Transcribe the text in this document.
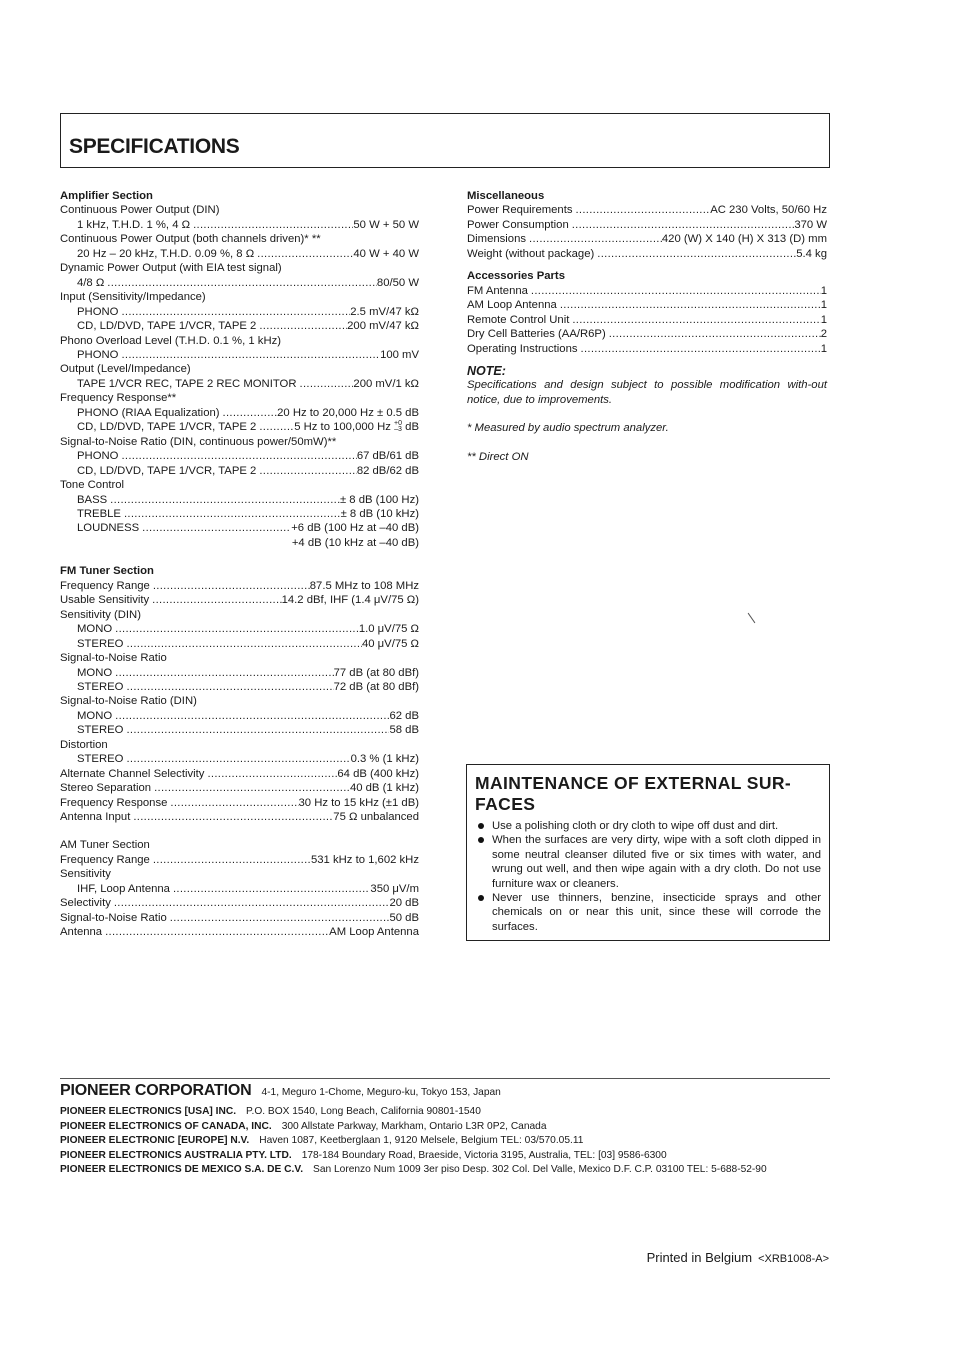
SPECIFICATIONS
Amplifier Section
Continuous Power Output (DIN)
1 kHz, T.H.D. 1 %, 4 Ω .....	50 W + 50 W
Continuous Power Output (both channels driven)* **
20 Hz – 20 kHz, T.H.D. 0.09 %, 8 Ω .....	40 W + 40 W
Dynamic Power Output (with EIA test signal)
4/8 Ω .....	80/50 W
Input (Sensitivity/Impedance)
PHONO .....	2.5 mV/47 kΩ
CD, LD/DVD, TAPE 1/VCR, TAPE 2 .....	200 mV/47 kΩ
Phono Overload Level (T.H.D. 0.1 %, 1 kHz)
PHONO .....	100 mV
Output (Level/Impedance)
TAPE 1/VCR REC, TAPE 2 REC MONITOR .....	200 mV/1 kΩ
Frequency Response**
PHONO (RIAA Equalization) .....	20 Hz to 20,000 Hz ± 0.5 dB
CD, LD/DVD, TAPE 1/VCR, TAPE 2 .....	5 Hz to 100,000 Hz +0
–3 dB
Signal-to-Noise Ratio (DIN, continuous power/50mW)**
PHONO .....	67 dB/61 dB
CD, LD/DVD, TAPE 1/VCR, TAPE 2 .....	82 dB/62 dB
Tone Control
BASS .....	± 8 dB (100 Hz)
TREBLE .....	± 8 dB (10 kHz)
LOUDNESS .....	+6 dB (100 Hz at –40 dB)
+4 dB (10 kHz at –40 dB)
FM Tuner Section
Frequency Range .....	87.5 MHz to 108 MHz
Usable Sensitivity .....	14.2 dBf, IHF (1.4 μV/75 Ω)
Sensitivity (DIN)
MONO .....	1.0 μV/75 Ω
STEREO .....	40 μV/75 Ω
Signal-to-Noise Ratio
MONO .....	77 dB (at 80 dBf)
STEREO .....	72 dB (at 80 dBf)
Signal-to-Noise Ratio (DIN)
MONO .....	62 dB
STEREO .....	58 dB
Distortion
STEREO .....	0.3 % (1 kHz)
Alternate Channel Selectivity .....	64 dB (400 kHz)
Stereo Separation .....	40 dB (1 kHz)
Frequency Response .....	30 Hz to 15 kHz (±1 dB)
Antenna Input .....	75 Ω unbalanced
AM Tuner Section
Frequency Range .....	531 kHz to 1,602 kHz
Sensitivity
IHF, Loop Antenna .....	350 μV/m
Selectivity .....	20 dB
Signal-to-Noise Ratio .....	50 dB
Antenna .....	AM Loop Antenna
Miscellaneous
Power Requirements .....	AC 230 Volts, 50/60 Hz
Power Consumption .....	370 W
Dimensions .....	420 (W) X 140 (H) X 313 (D) mm
Weight (without package) .....	5.4 kg
Accessories Parts
FM Antenna .....	1
AM Loop Antenna .....	1
Remote Control Unit .....	1
Dry Cell Batteries (AA/R6P) .....	2
Operating Instructions .....	1
NOTE:
Specifications and design subject to possible modification with-out notice, due to improvements.
* Measured by audio spectrum analyzer.
** Direct ON
MAINTENANCE OF EXTERNAL SUR-FACES
Use a polishing cloth or dry cloth to wipe off dust and dirt.
When the surfaces are very dirty, wipe with a soft cloth dipped in some neutral cleanser diluted five or six times with water, and wrung out well, and then wipe again with a dry cloth. Do not use furniture wax or cleaners.
Never use thinners, benzine, insecticide sprays and other chemicals on or near this unit, since these will corrode the surfaces.
PIONEER CORPORATION 4-1, Meguro 1-Chome, Meguro-ku, Tokyo 153, Japan
PIONEER ELECTRONICS [USA] INC. P.O. BOX 1540, Long Beach, California 90801-1540
PIONEER ELECTRONICS OF CANADA, INC. 300 Allstate Parkway, Markham, Ontario L3R 0P2, Canada
PIONEER ELECTRONIC [EUROPE] N.V. Haven 1087, Keetberglaan 1, 9120 Melsele, Belgium TEL: 03/570.05.11
PIONEER ELECTRONICS AUSTRALIA PTY. LTD. 178-184 Boundary Road, Braeside, Victoria 3195, Australia, TEL: [03] 9586-6300
PIONEER ELECTRONICS DE MEXICO S.A. DE C.V. San Lorenzo Num 1009 3er piso Desp. 302 Col. Del Valle, Mexico D.F. C.P. 03100 TEL: 5-688-52-90
Printed in Belgium <XRB1008-A>
